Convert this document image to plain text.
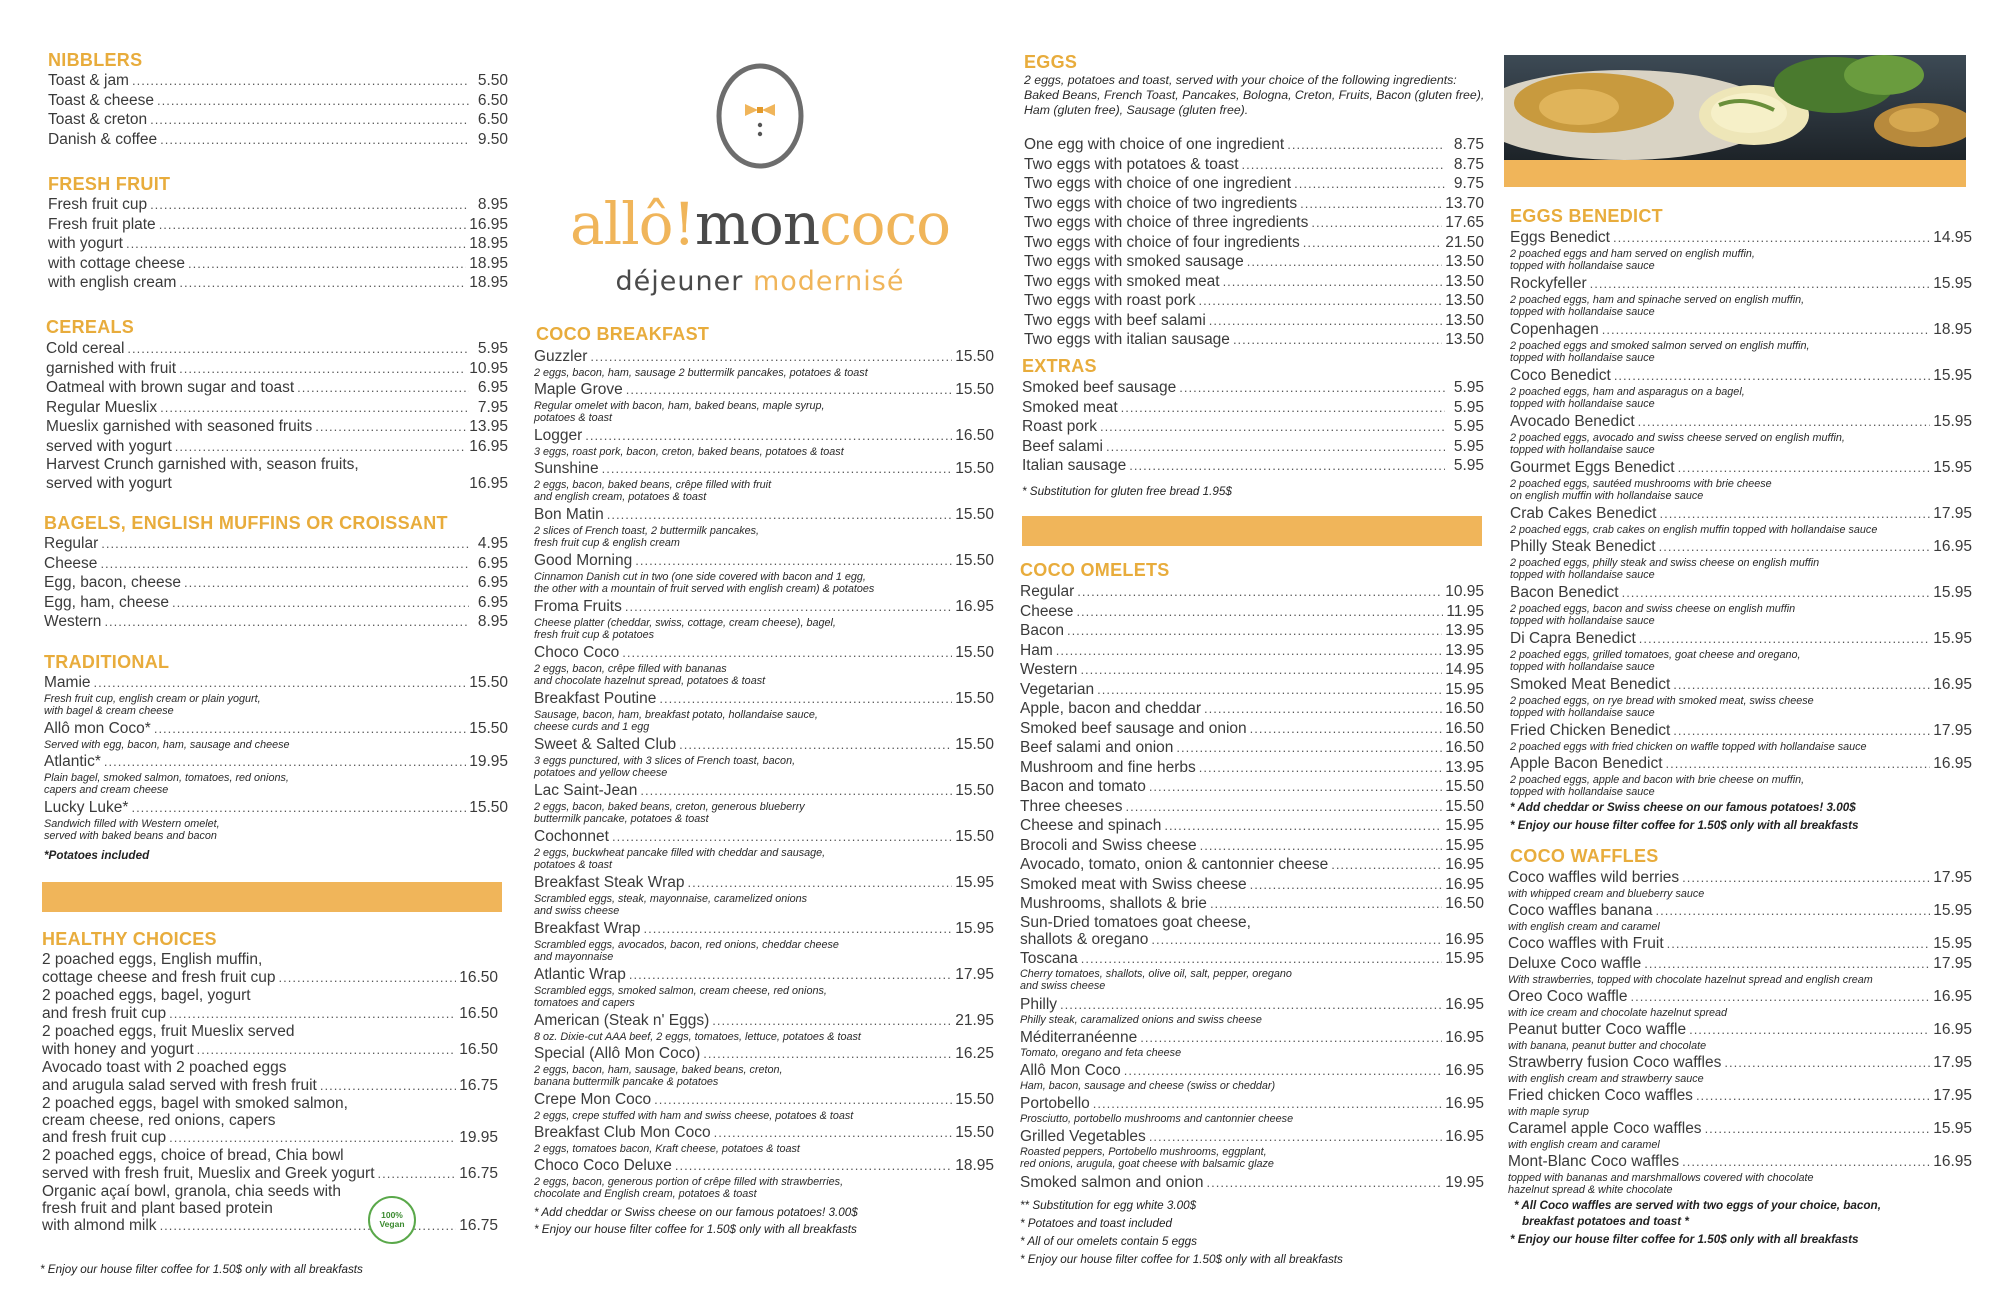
NIBBLERS
Toast & jam .....	5.50
Toast & cheese .....	6.50
Toast & creton .....	6.50
Danish & coffee .....	9.50
FRESH FRUIT
Fresh fruit cup .....	8.95
Fresh fruit plate .....	16.95
with yogurt .....	18.95
with cottage cheese .....	18.95
with english cream .....	18.95
CEREALS
Cold cereal .....	5.95
garnished with fruit .....	10.95
Oatmeal with brown sugar and toast .....	6.95
Regular Mueslix .....	7.95
Mueslix garnished with seasoned fruits .....	13.95
served with yogurt .....	16.95
Harvest Crunch garnished with, season fruits,
served with yogurt	16.95
BAGELS, ENGLISH MUFFINS OR CROISSANT
Regular .....	4.95
Cheese .....	6.95
Egg, bacon, cheese .....	6.95
Egg, ham, cheese .....	6.95
Western .....	8.95
TRADITIONAL
Mamie .....	15.50
Fresh fruit cup, english cream or plain yogurt,
with bagel & cream cheese
Allô mon Coco* .....	15.50
Served with egg, bacon, ham, sausage and cheese
Atlantic* .....	19.95
Plain bagel, smoked salmon, tomatoes, red onions,
capers and cream cheese
Lucky Luke* .....	15.50
Sandwich filled with Western omelet,
served with baked beans and bacon
*Potatoes included
HEALTHY CHOICES
2 poached eggs, English muffin,
cottage cheese and fresh fruit cup .....	16.50
2 poached eggs, bagel, yogurt
and fresh fruit cup .....	16.50
2 poached eggs, fruit Mueslix served
with honey and yogurt .....	16.50
Avocado toast with 2 poached eggs
and arugula salad served with fresh fruit .....	16.75
2 poached eggs, bagel with smoked salmon,
cream cheese, red onions, capers
and fresh fruit cup .....	19.95
2 poached eggs, choice of bread, Chia bowl
served with fresh fruit, Mueslix and Greek yogurt .....	16.75
Organic açaí bowl, granola, chia seeds with
fresh fruit and plant based protein
with almond milk .....	16.75
100%
Vegan
* Enjoy our house filter coffee for 1.50$ only with all breakfasts
allô!moncoco
déjeuner modernisé
COCO BREAKFAST
Guzzler .....	15.50
2 eggs, bacon, ham, sausage 2 buttermilk pancakes, potatoes & toast
Maple Grove .....	15.50
Regular omelet with bacon, ham, baked beans, maple syrup,
potatoes & toast
Logger .....	16.50
3 eggs, roast pork, bacon, creton, baked beans, potatoes & toast
Sunshine .....	15.50
2 eggs, bacon, baked beans, crêpe filled with fruit
and english cream, potatoes & toast
Bon Matin .....	15.50
2 slices of French toast, 2 buttermilk pancakes,
fresh fruit cup & english cream
Good Morning .....	15.50
Cinnamon Danish cut in two (one side covered with bacon and 1 egg,
the other with a mountain of fruit served with english cream) & potatoes
Froma Fruits .....	16.95
Cheese platter (cheddar, swiss, cottage, cream cheese), bagel,
fresh fruit cup & potatoes
Choco Coco .....	15.50
2 eggs, bacon, crêpe filled with bananas
and chocolate hazelnut spread, potatoes & toast
Breakfast Poutine .....	15.50
Sausage, bacon, ham, breakfast potato, hollandaise sauce,
cheese curds and 1 egg
Sweet & Salted Club .....	15.50
3 eggs punctured, with 3 slices of French toast, bacon,
potatoes and yellow cheese
Lac Saint-Jean .....	15.50
2 eggs, bacon, baked beans, creton, generous blueberry
buttermilk pancake, potatoes & toast
Cochonnet .....	15.50
2 eggs, buckwheat pancake filled with cheddar and sausage,
potatoes & toast
Breakfast Steak Wrap .....	15.95
Scrambled eggs, steak, mayonnaise, caramelized onions
and swiss cheese
Breakfast Wrap .....	15.95
Scrambled eggs, avocados, bacon, red onions, cheddar cheese
and mayonnaise
Atlantic Wrap .....	17.95
Scrambled eggs, smoked salmon, cream cheese, red onions,
tomatoes and capers
American (Steak n' Eggs) .....	21.95
8 oz. Dixie-cut AAA beef, 2 eggs, tomatoes, lettuce, potatoes & toast
Special (Allô Mon Coco) .....	16.25
2 eggs, bacon, ham, sausage, baked beans, creton,
banana buttermilk pancake & potatoes
Crepe Mon Coco .....	15.50
2 eggs, crepe stuffed with ham and swiss cheese, potatoes & toast
Breakfast Club Mon Coco .....	15.50
2 eggs, tomatoes bacon, Kraft cheese, potatoes & toast
Choco Coco Deluxe .....	18.95
2 eggs, bacon, generous portion of crêpe filled with strawberries,
chocolate and English cream, potatoes & toast
* Add cheddar or Swiss cheese on our famous potatoes! 3.00$
* Enjoy our house filter coffee for 1.50$ only with all breakfasts
EGGS
2 eggs, potatoes and toast, served with your choice of the following ingredients: Baked Beans, French Toast, Pancakes, Bologna, Creton, Fruits, Bacon (gluten free), Ham (gluten free), Sausage (gluten free).
One egg with choice of one ingredient .....	8.75
Two eggs with potatoes & toast .....	8.75
Two eggs with choice of one ingredient .....	9.75
Two eggs with choice of two ingredients .....	13.70
Two eggs with choice of three ingredients .....	17.65
Two eggs with choice of four ingredients .....	21.50
Two eggs with smoked sausage .....	13.50
Two eggs with smoked meat .....	13.50
Two eggs with roast pork .....	13.50
Two eggs with beef salami .....	13.50
Two eggs with italian sausage .....	13.50
EXTRAS
Smoked beef sausage .....	5.95
Smoked meat .....	5.95
Roast pork .....	5.95
Beef salami .....	5.95
Italian sausage .....	5.95
* Substitution for gluten free bread 1.95$
COCO OMELETS
Regular .....	10.95
Cheese .....	11.95
Bacon .....	13.95
Ham .....	13.95
Western .....	14.95
Vegetarian .....	15.95
Apple, bacon and cheddar .....	16.50
Smoked beef sausage and onion .....	16.50
Beef salami and onion .....	16.50
Mushroom and fine herbs .....	13.95
Bacon and tomato .....	15.50
Three cheeses .....	15.50
Cheese and spinach .....	15.95
Brocoli and Swiss cheese .....	15.95
Avocado, tomato, onion & cantonnier cheese .....	16.95
Smoked meat with Swiss cheese .....	16.95
Mushrooms, shallots & brie .....	16.50
Sun-Dried tomatoes goat cheese,
shallots & oregano .....	16.95
Toscana .....	15.95
Cherry tomatoes, shallots, olive oil, salt, pepper, oregano
and swiss cheese
Philly .....	16.95
Philly steak, caramalized onions and swiss cheese
Méditerranéenne .....	16.95
Tomato, oregano and feta cheese
Allô Mon Coco .....	16.95
Ham, bacon, sausage and cheese (swiss or cheddar)
Portobello .....	16.95
Prosciutto, portobello mushrooms and cantonnier cheese
Grilled Vegetables .....	16.95
Roasted peppers, Portobello mushrooms, eggplant,
red onions, arugula, goat cheese with balsamic glaze
Smoked salmon and onion .....	19.95
** Substitution for egg white 3.00$
* Potatoes and toast included
* All of our omelets contain 5 eggs
* Enjoy our house filter coffee for 1.50$ only with all breakfasts
EGGS BENEDICT
Eggs Benedict .....	14.95
2 poached eggs and ham served on english muffin,
topped with hollandaise sauce
Rockyfeller .....	15.95
2 poached eggs, ham and spinache served on english muffin,
topped with hollandaise sauce
Copenhagen .....	18.95
2 poached eggs and smoked salmon served on english muffin,
topped with hollandaise sauce
Coco Benedict .....	15.95
2 poached eggs, ham and asparagus on a bagel,
topped with hollandaise sauce
Avocado Benedict .....	15.95
2 poached eggs, avocado and swiss cheese served on english muffin,
topped with hollandaise sauce
Gourmet Eggs Benedict .....	15.95
2 poached eggs, sautéed mushrooms with brie cheese
on english muffin with hollandaise sauce
Crab Cakes Benedict .....	17.95
2 poached eggs, crab cakes on english muffin topped with hollandaise sauce
Philly Steak Benedict .....	16.95
2 poached eggs, philly steak and swiss cheese on english muffin
topped with hollandaise sauce
Bacon Benedict .....	15.95
2 poached eggs, bacon and swiss cheese on english muffin
topped with hollandaise sauce
Di Capra Benedict .....	15.95
2 poached eggs, grilled tomatoes, goat cheese and oregano,
topped with hollandaise sauce
Smoked Meat Benedict .....	16.95
2 poached eggs, on rye bread with smoked meat, swiss cheese
topped with hollandaise sauce
Fried Chicken Benedict .....	17.95
2 poached eggs with fried chicken on waffle topped with hollandaise sauce
Apple Bacon Benedict .....	16.95
2 poached eggs, apple and bacon with brie cheese on muffin,
topped with hollandaise sauce
* Add cheddar or Swiss cheese on our famous potatoes! 3.00$
* Enjoy our house filter coffee for 1.50$ only with all breakfasts
COCO WAFFLES
Coco waffles wild berries .....	17.95
with whipped cream and blueberry sauce
Coco waffles banana .....	15.95
with english cream and caramel
Coco waffles with Fruit .....	15.95
Deluxe Coco waffle .....	17.95
With strawberries, topped with chocolate hazelnut spread and english cream
Oreo Coco waffle .....	16.95
with ice cream and chocolate hazelnut spread
Peanut butter Coco waffle .....	16.95
with banana, peanut butter and chocolate
Strawberry fusion Coco waffles .....	17.95
with english cream and strawberry sauce
Fried chicken Coco waffles .....	17.95
with maple syrup
Caramel apple Coco waffles .....	15.95
with english cream and caramel
Mont-Blanc Coco waffles .....	16.95
topped with bananas and marshmallows covered with chocolate
hazelnut spread & white chocolate
* All Coco waffles are served with two eggs of your choice, bacon,
breakfast potatoes and toast *
* Enjoy our house filter coffee for 1.50$ only with all breakfasts
